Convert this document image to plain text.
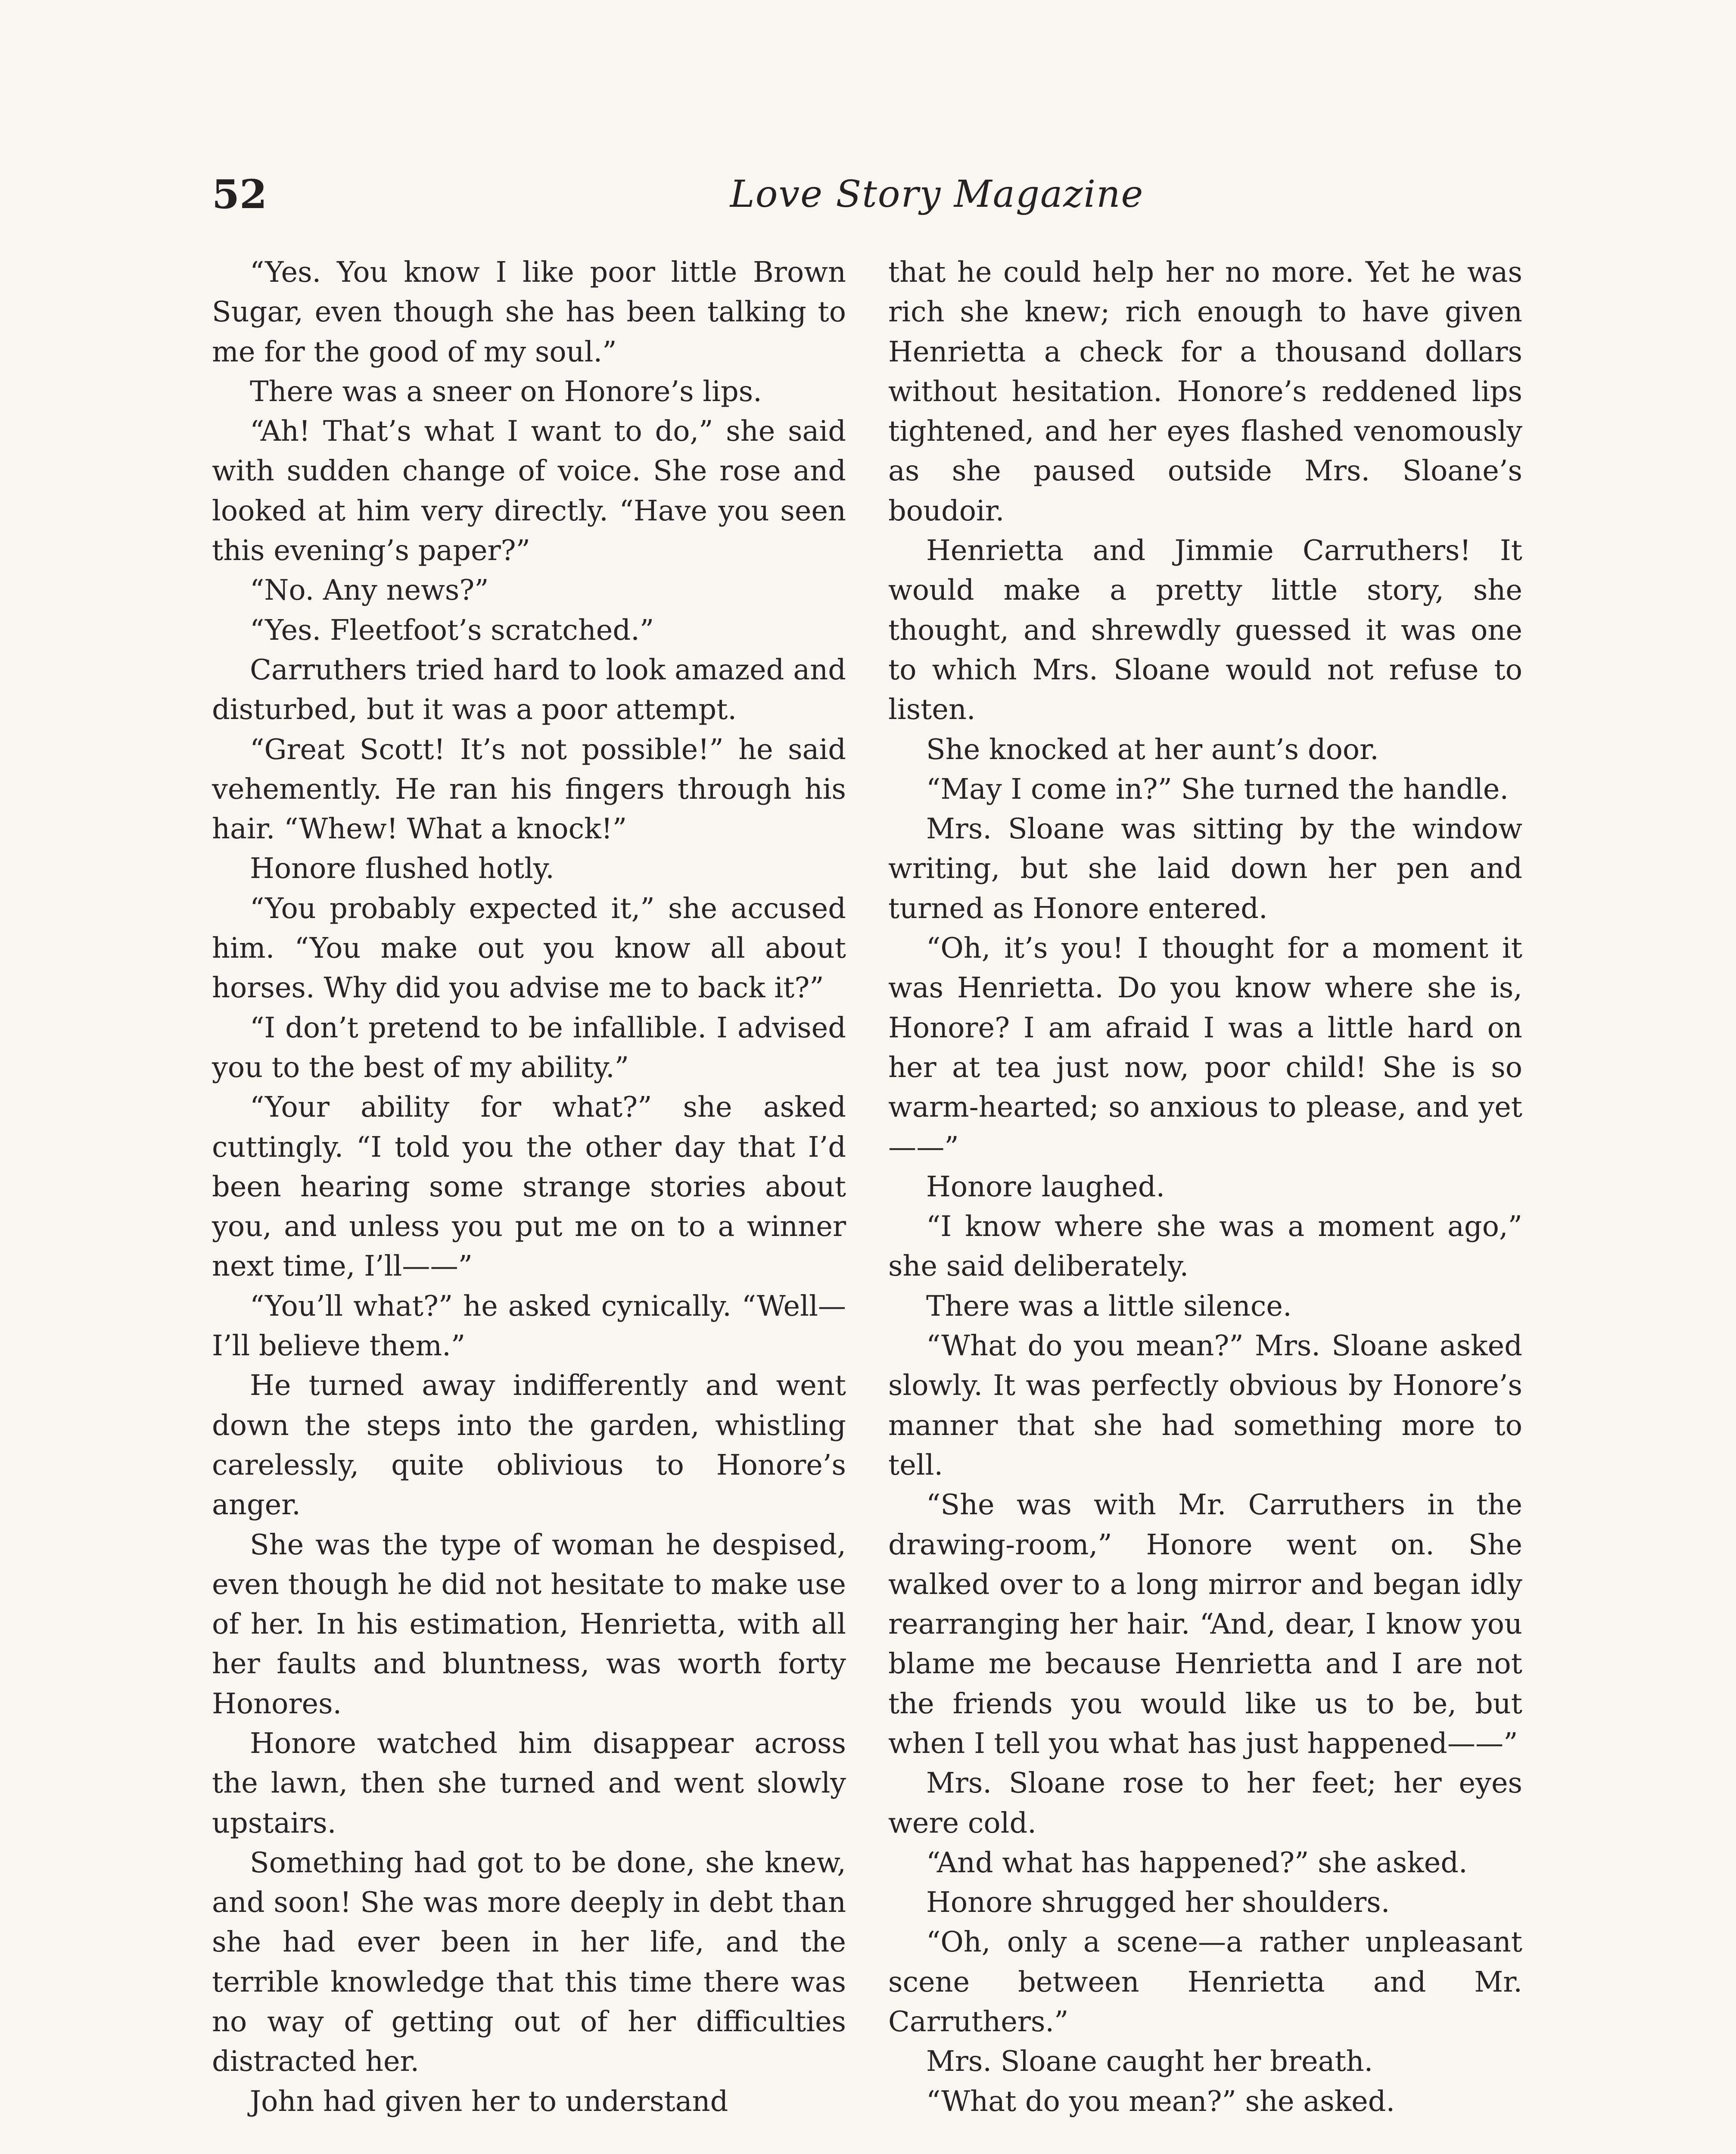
52	Love Story Magazine

“Yes. You know I like poor little Brown Sugar, even though she has been talking to me for the good of my soul.”

There was a sneer on Honore’s lips.

“Ah! That’s what I want to do,” she said with sudden change of voice. She rose and looked at him very directly. “Have you seen this evening’s paper?”

“No. Any news?”

“Yes. Fleetfoot’s scratched.”

Carruthers tried hard to look amazed and disturbed, but it was a poor attempt.

“Great Scott! It’s not possible!” he said vehemently. He ran his fingers through his hair. “Whew! What a knock!”

Honore flushed hotly.

“You probably expected it,” she accused him. “You make out you know all about horses. Why did you advise me to back it?”

“I don’t pretend to be infallible. I advised you to the best of my ability.”

“Your ability for what?” she asked cuttingly. “I told you the other day that I’d been hearing some strange stories about you, and unless you put me on to a winner next time, I’ll——”

“You’ll what?” he asked cynically. “Well—I’ll believe them.”

He turned away indifferently and went down the steps into the garden, whistling carelessly, quite oblivious to Honore’s anger.

She was the type of woman he despised, even though he did not hesitate to make use of her. In his estimation, Henrietta, with all her faults and bluntness, was worth forty Honores.

Honore watched him disappear across the lawn, then she turned and went slowly upstairs.

Something had got to be done, she knew, and soon! She was more deeply in debt than she had ever been in her life, and the terrible knowledge that this time there was no way of getting out of her difficulties distracted her.

John had given her to understand

that he could help her no more. Yet he was rich she knew; rich enough to have given Henrietta a check for a thousand dollars without hesitation. Honore’s reddened lips tightened, and her eyes flashed venomously as she paused outside Mrs. Sloane’s boudoir.

Henrietta and Jimmie Carruthers! It would make a pretty little story, she thought, and shrewdly guessed it was one to which Mrs. Sloane would not refuse to listen.

She knocked at her aunt’s door.

“May I come in?” She turned the handle.

Mrs. Sloane was sitting by the window writing, but she laid down her pen and turned as Honore entered.

“Oh, it’s you! I thought for a moment it was Henrietta. Do you know where she is, Honore? I am afraid I was a little hard on her at tea just now, poor child! She is so warm-hearted; so anxious to please, and yet——”

Honore laughed.

“I know where she was a moment ago,” she said deliberately.

There was a little silence.

“What do you mean?” Mrs. Sloane asked slowly. It was perfectly obvious by Honore’s manner that she had something more to tell.

“She was with Mr. Carruthers in the drawing-room,” Honore went on. She walked over to a long mirror and began idly rearranging her hair. “And, dear, I know you blame me because Henrietta and I are not the friends you would like us to be, but when I tell you what has just happened——”

Mrs. Sloane rose to her feet; her eyes were cold.

“And what has happened?” she asked.

Honore shrugged her shoulders.

“Oh, only a scene—a rather unpleasant scene between Henrietta and Mr. Carruthers.”

Mrs. Sloane caught her breath.

“What do you mean?” she asked.
